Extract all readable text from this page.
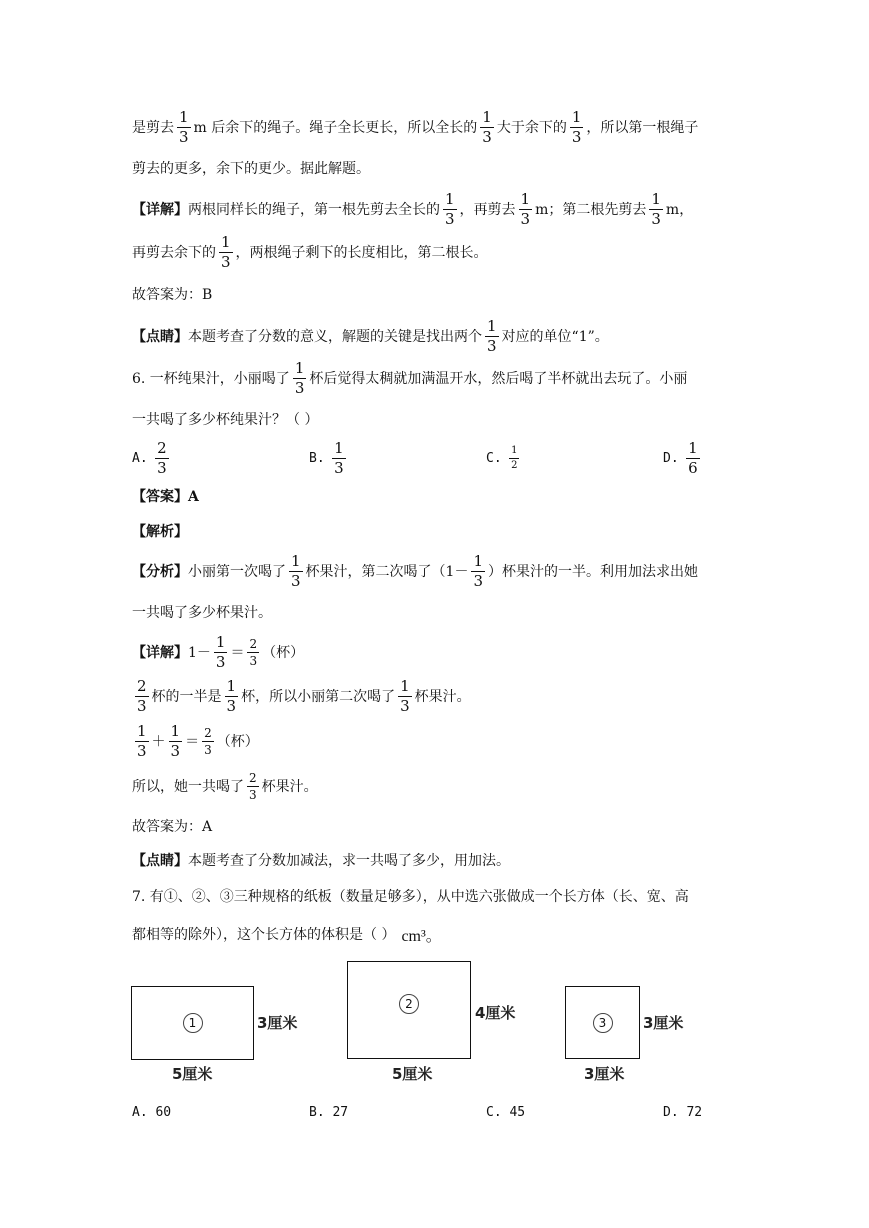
是剪去 $\frac{1}{3}$ m 后余下的绳子。绳子全长更长，所以全长的 $\frac{1}{3}$ 大于余下的 $\frac{1}{3}$ ，所以第一根绳子
剪去的更多，余下的更少。据此解题。
【详解】 两根同样长的绳子，第一根先剪去全长的 $\frac{1}{3}$ ，再剪去 $\frac{1}{3}$ m；第二根先剪去 $\frac{1}{3}$ m，
再剪去余下的 $\frac{1}{3}$ ，两根绳子剩下的长度相比，第二根长。
故答案为：B
【点睛】 本题考查了分数的意义，解题的关键是找出两个 $\frac{1}{3}$ 对应的单位“1”。
6. 一杯纯果汁，小丽喝了 $\frac{1}{3}$ 杯后觉得太稠就加满温开水，然后喝了半杯就出去玩了。小丽
一共喝了多少杯纯果汁？（ ）
A.
$\frac{2}{3}$	B.
$\frac{1}{3}$	C.
$\frac{1}{2}$	D.
$\frac{1}{6}$
【答案】A
【解析】
【分析】 小丽第一次喝了 $\frac{1}{3}$ 杯果汁，第二次喝了（$1- \frac{1}{3}$ ）杯果汁的一半。利用加法求出她
一共喝了多少杯果汁。
【详解】 $1- \frac{1}{3} = \frac{2}{3}$ （杯）
$\frac{2}{3}$ 杯的一半是 $\frac{1}{3}$ 杯，所以小丽第二次喝了 $\frac{1}{3}$ 杯果汁。
$\frac{1}{3} + \frac{1}{3} = \frac{2}{3}$ （杯）
所以，她一共喝了 $\frac{2}{3}$ 杯果汁。
故答案为：A
【点睛】 本题考查了分数加减法，求一共喝了多少，用加法。
7. 有①、②、③三种规格的纸板（数量足够多），从中选六张做成一个长方体（长、宽、高
都相等的除外），这个长方体的体积是（ ） cm³。
1	3厘米
5厘米
2	4厘米
5厘米
3	3厘米
3厘米
A. 60	B. 27	C. 45	D. 72
